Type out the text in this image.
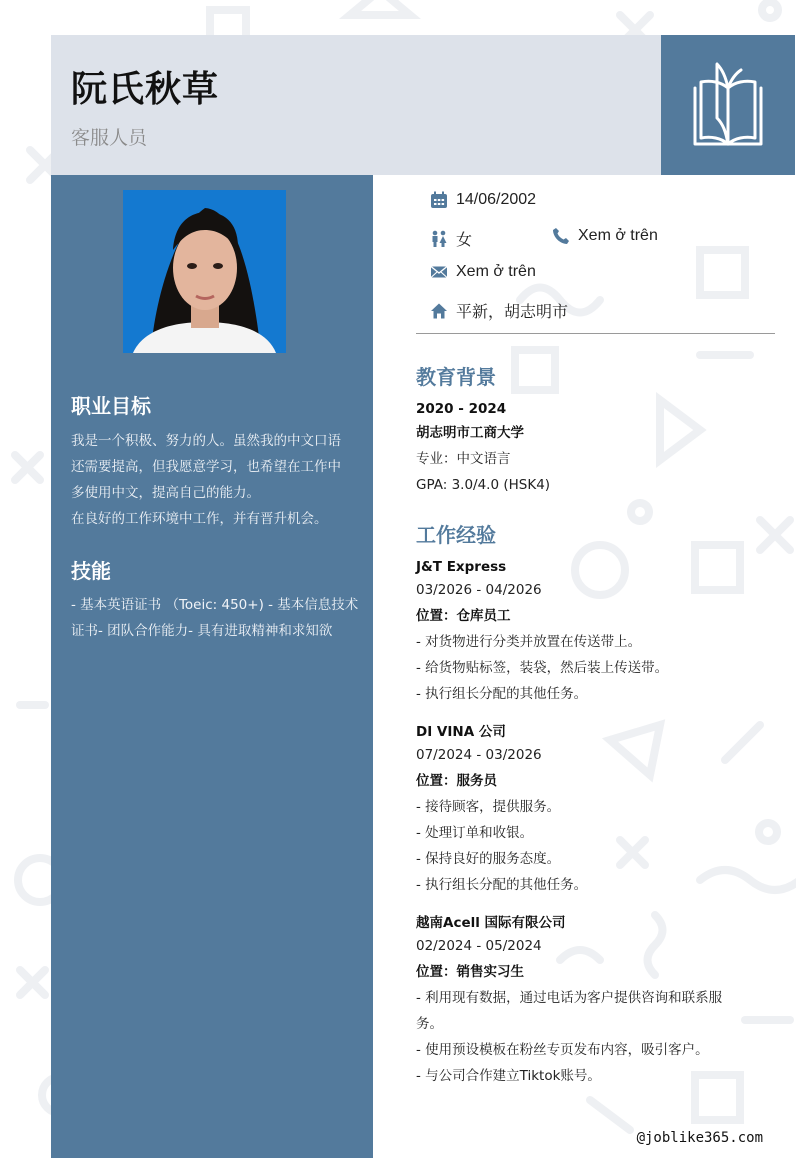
阮氏秋草
客服人员
职业目标
我是一个积极、努力的人。虽然我的中文口语
还需要提高，但我愿意学习，也希望在工作中
多使用中文，提高自己的能力。
在良好的工作环境中工作，并有晋升机会。
技能
- 基本英语证书 （Toeic: 450+) - 基本信息技术
证书- 团队合作能力- 具有进取精神和求知欲
14/06/2002
女	Xem ở trên
Xem ở trên
平新，胡志明市
教育背景
2020 - 2024
胡志明市工商大学
专业：中文语言
GPA: 3.0/4.0 (HSK4)
工作经验
J&T Express
03/2026 - 04/2026
位置：仓库员工
- 对货物进行分类并放置在传送带上。
- 给货物贴标签，装袋，然后装上传送带。
- 执行组长分配的其他任务。
DI VINA 公司
07/2024 - 03/2026
位置：服务员
- 接待顾客，提供服务。
- 处理订单和收银。
- 保持良好的服务态度。
- 执行组长分配的其他任务。
越南Acell 国际有限公司
02/2024 - 05/2024
位置：销售实习生
- 利用现有数据，通过电话为客户提供咨询和联系服
务。
- 使用预设模板在粉丝专页发布内容，吸引客户。
- 与公司合作建立Tiktok账号。
@joblike365.com
